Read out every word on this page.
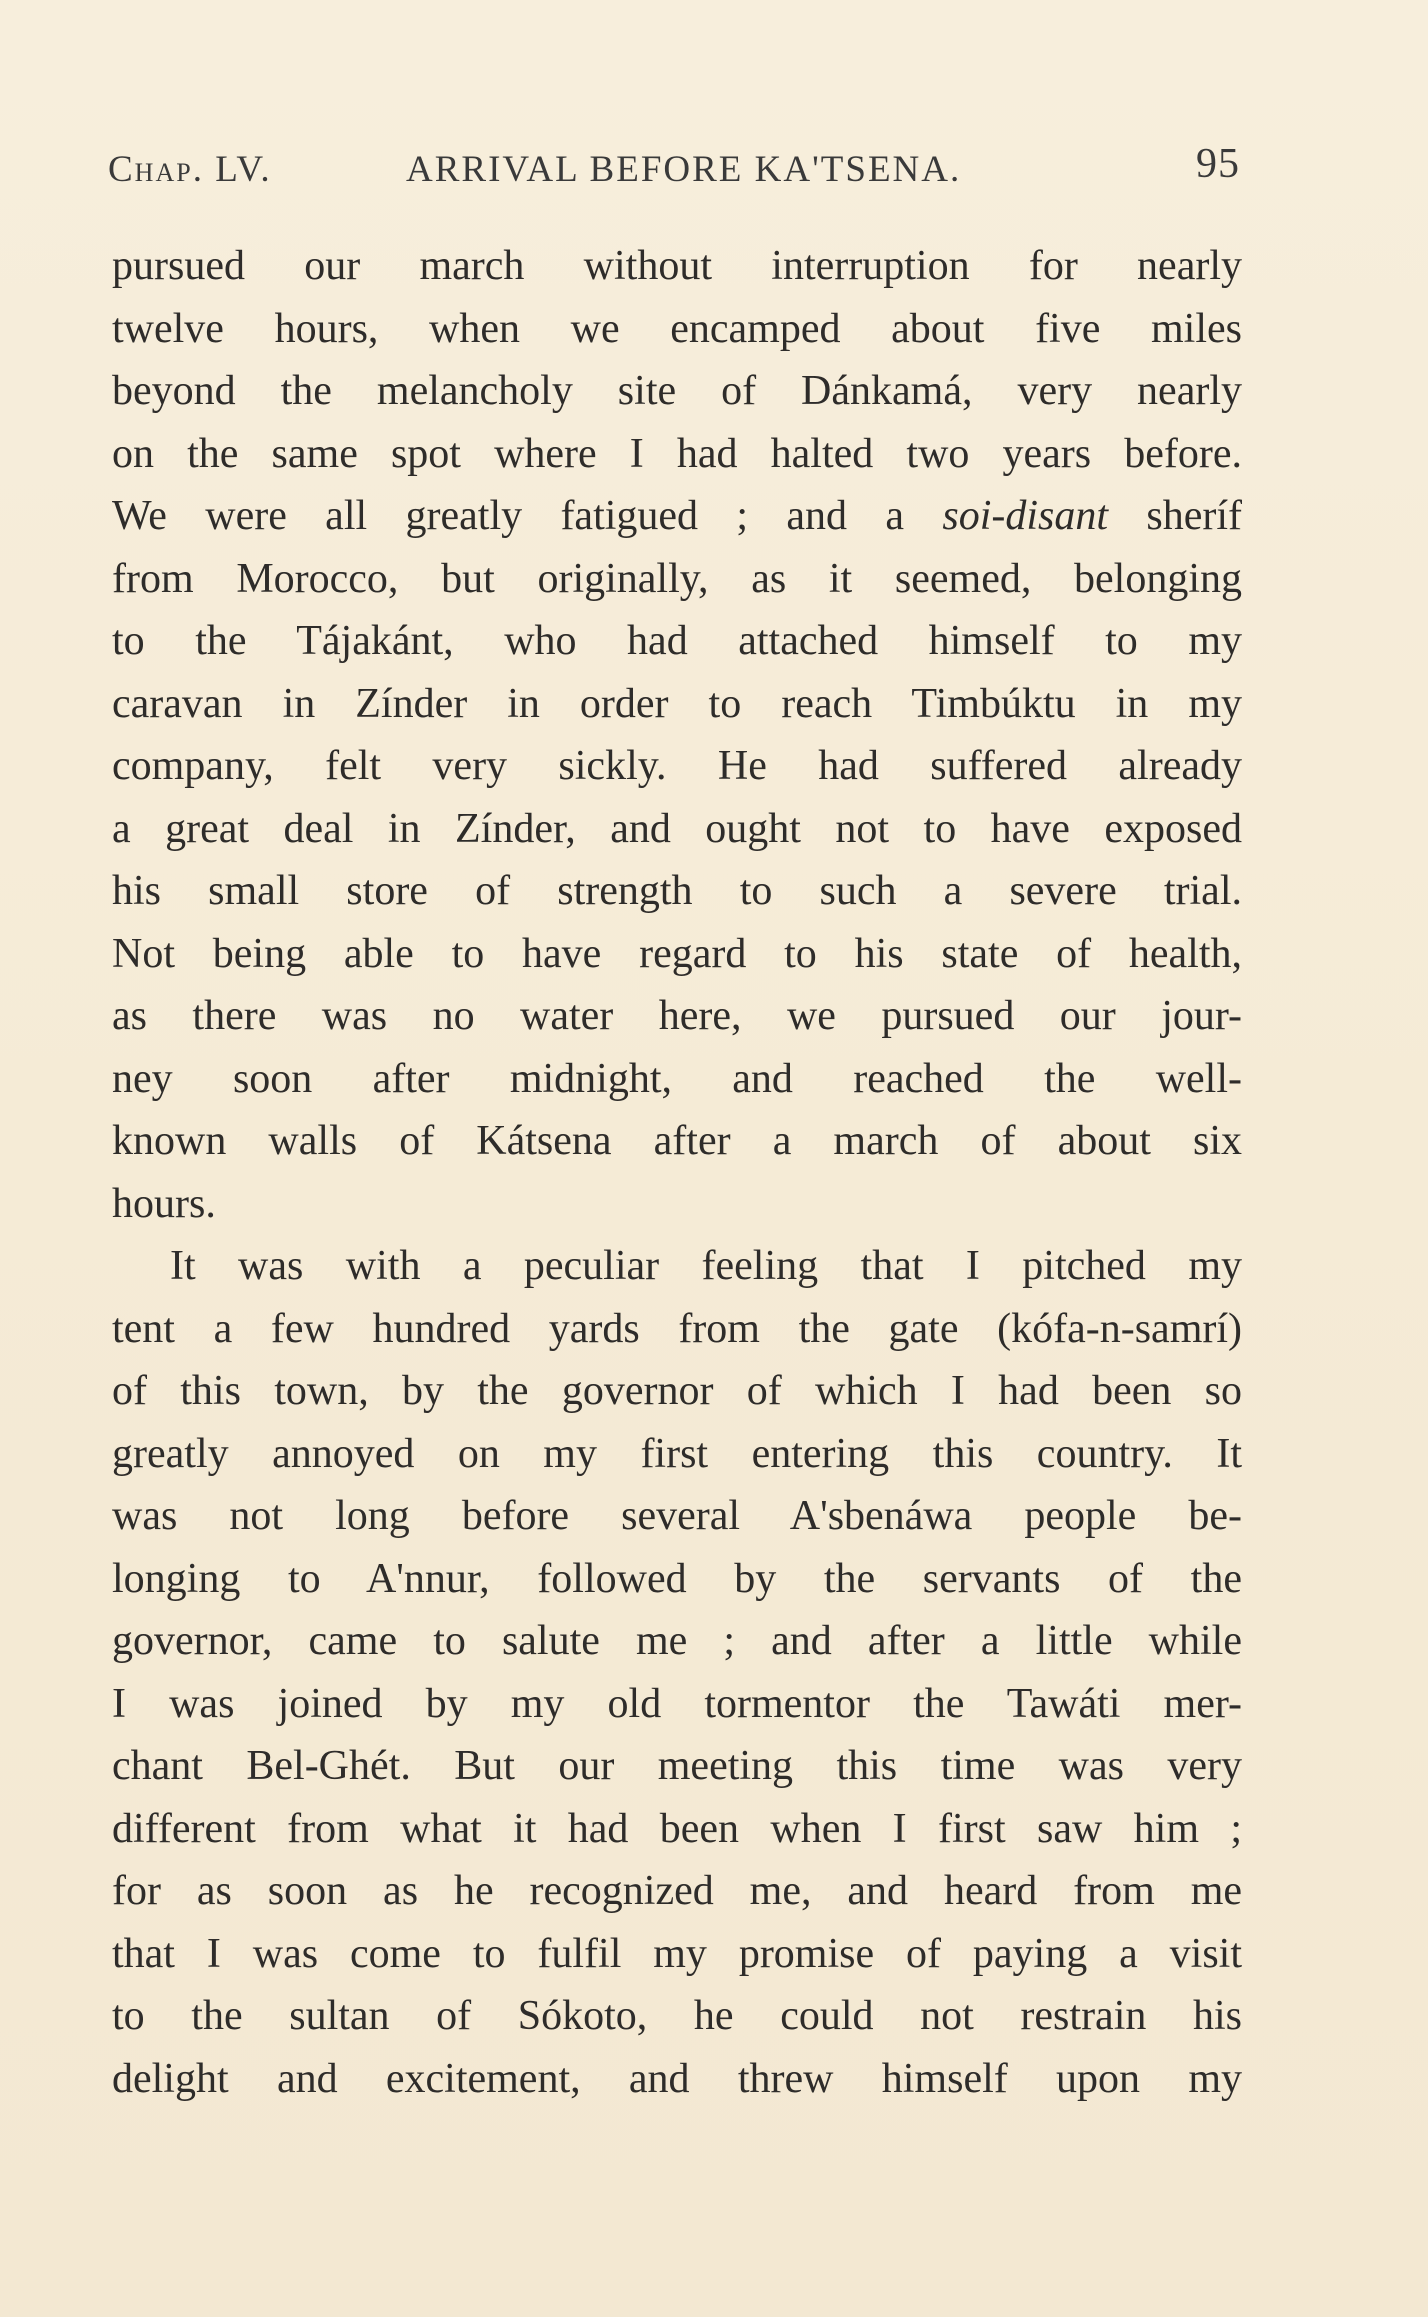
Chap. LV.	ARRIVAL BEFORE KA'TSENA.	95
pursued our march without interruption for nearly
twelve hours, when we encamped about five miles
beyond the melancholy site of Dánkamá, very nearly
on the same spot where I had halted two years before.
We were all greatly fatigued ; and a soi-disant sheríf
from Morocco, but originally, as it seemed, belonging
to the Tájakánt, who had attached himself to my
caravan in Zínder in order to reach Timbúktu in my
company, felt very sickly. He had suffered already
a great deal in Zínder, and ought not to have exposed
his small store of strength to such a severe trial.
Not being able to have regard to his state of health,
as there was no water here, we pursued our jour-
ney soon after midnight, and reached the well-
known walls of Kátsena after a march of about six
hours.
It was with a peculiar feeling that I pitched my
tent a few hundred yards from the gate (kófa-n-samrí)
of this town, by the governor of which I had been so
greatly annoyed on my first entering this country. It
was not long before several A'sbenáwa people be-
longing to A'nnur, followed by the servants of the
governor, came to salute me ; and after a little while
I was joined by my old tormentor the Tawáti mer-
chant Bel-Ghét. But our meeting this time was very
different from what it had been when I first saw him ;
for as soon as he recognized me, and heard from me
that I was come to fulfil my promise of paying a visit
to the sultan of Sókoto, he could not restrain his
delight and excitement, and threw himself upon my
